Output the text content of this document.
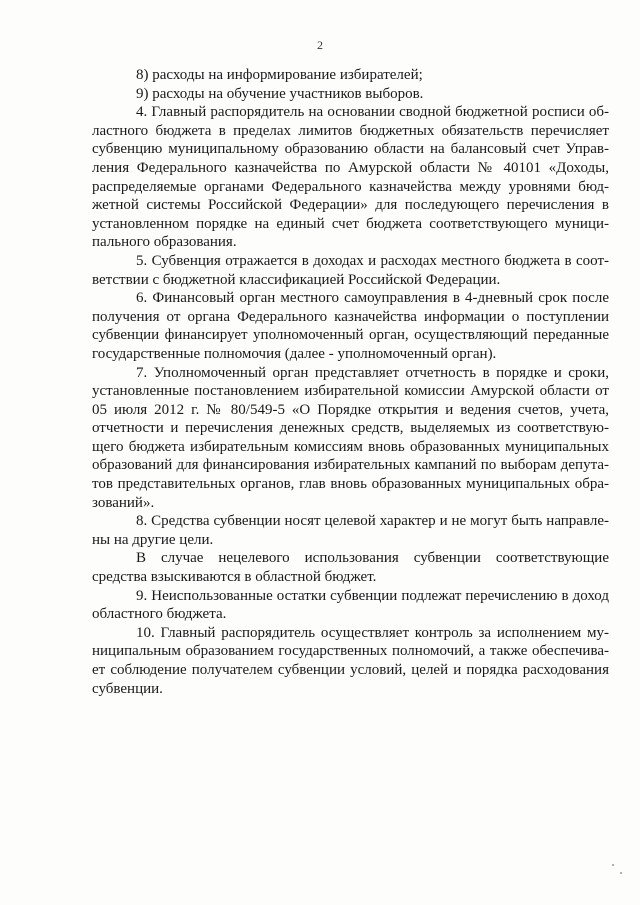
2

8) расходы на информирование избирателей;

9) расходы на обучение участников выборов.

4. Главный распорядитель на основании сводной бюджетной росписи областного бюджета в пределах лимитов бюджетных обязательств перечисляет субвенцию муниципальному образованию области на балансовый счет Управления Федерального казначейства по Амурской области № 40101 «Доходы, распределяемые органами Федерального казначейства между уровнями бюджетной системы Российской Федерации» для последующего перечисления в установленном порядке на единый счет бюджета соответствующего муниципального образования.

5. Субвенция отражается в доходах и расходах местного бюджета в соответствии с бюджетной классификацией Российской Федерации.

6. Финансовый орган местного самоуправления в 4-дневный срок после получения от органа Федерального казначейства информации о поступлении субвенции финансирует уполномоченный орган, осуществляющий переданные государственные полномочия (далее - уполномоченный орган).

7. Уполномоченный орган представляет отчетность в порядке и сроки, установленные постановлением избирательной комиссии Амурской области от 05 июля 2012 г. № 80/549-5 «О Порядке открытия и ведения счетов, учета, отчетности и перечисления денежных средств, выделяемых из соответствующего бюджета избирательным комиссиям вновь образованных муниципальных образований для финансирования избирательных кампаний по выборам депутатов представительных органов, глав вновь образованных муниципальных образований».

8. Средства субвенции носят целевой характер и не могут быть направлены на другие цели.

В случае нецелевого использования субвенции соответствующие средства взыскиваются в областной бюджет.

9. Неиспользованные остатки субвенции подлежат перечислению в доход областного бюджета.

10. Главный распорядитель осуществляет контроль за исполнением муниципальным образованием государственных полномочий, а также обеспечивает соблюдение получателем субвенции условий, целей и порядка расходования субвенции.
